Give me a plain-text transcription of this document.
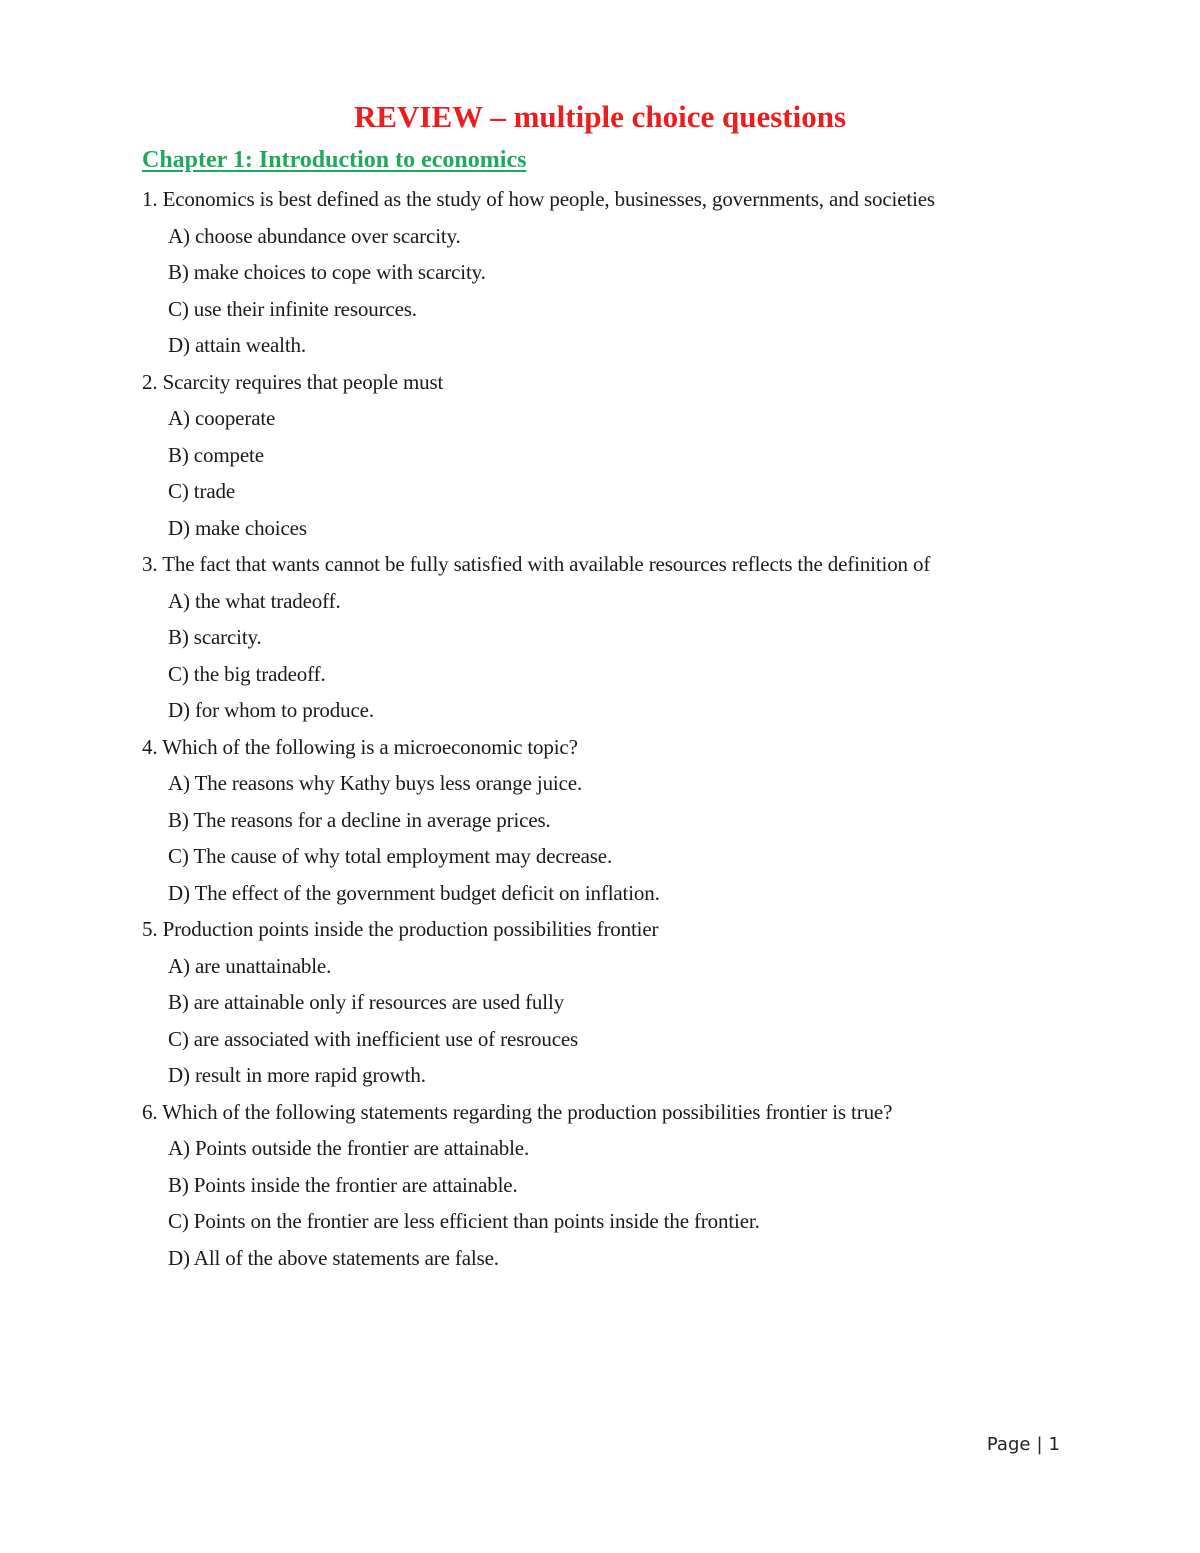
REVIEW – multiple choice questions
Chapter 1: Introduction to economics
1. Economics is best defined as the study of how people, businesses, governments, and societies
A) choose abundance over scarcity.
B) make choices to cope with scarcity.
C) use their infinite resources.
D) attain wealth.
2. Scarcity requires that people must
A) cooperate
B) compete
C) trade
D) make choices
3. The fact that wants cannot be fully satisfied with available resources reflects the definition of
A) the what tradeoff.
B) scarcity.
C) the big tradeoff.
D) for whom to produce.
4. Which of the following is a microeconomic topic?
A) The reasons why Kathy buys less orange juice.
B) The reasons for a decline in average prices.
C) The cause of why total employment may decrease.
D) The effect of the government budget deficit on inflation.
5. Production points inside the production possibilities frontier
A) are unattainable.
B) are attainable only if resources are used fully
C) are associated with inefficient use of resrouces
D) result in more rapid growth.
6. Which of the following statements regarding the production possibilities frontier is true?
A) Points outside the frontier are attainable.
B) Points inside the frontier are attainable.
C) Points on the frontier are less efficient than points inside the frontier.
D) All of the above statements are false.
Page | 1
